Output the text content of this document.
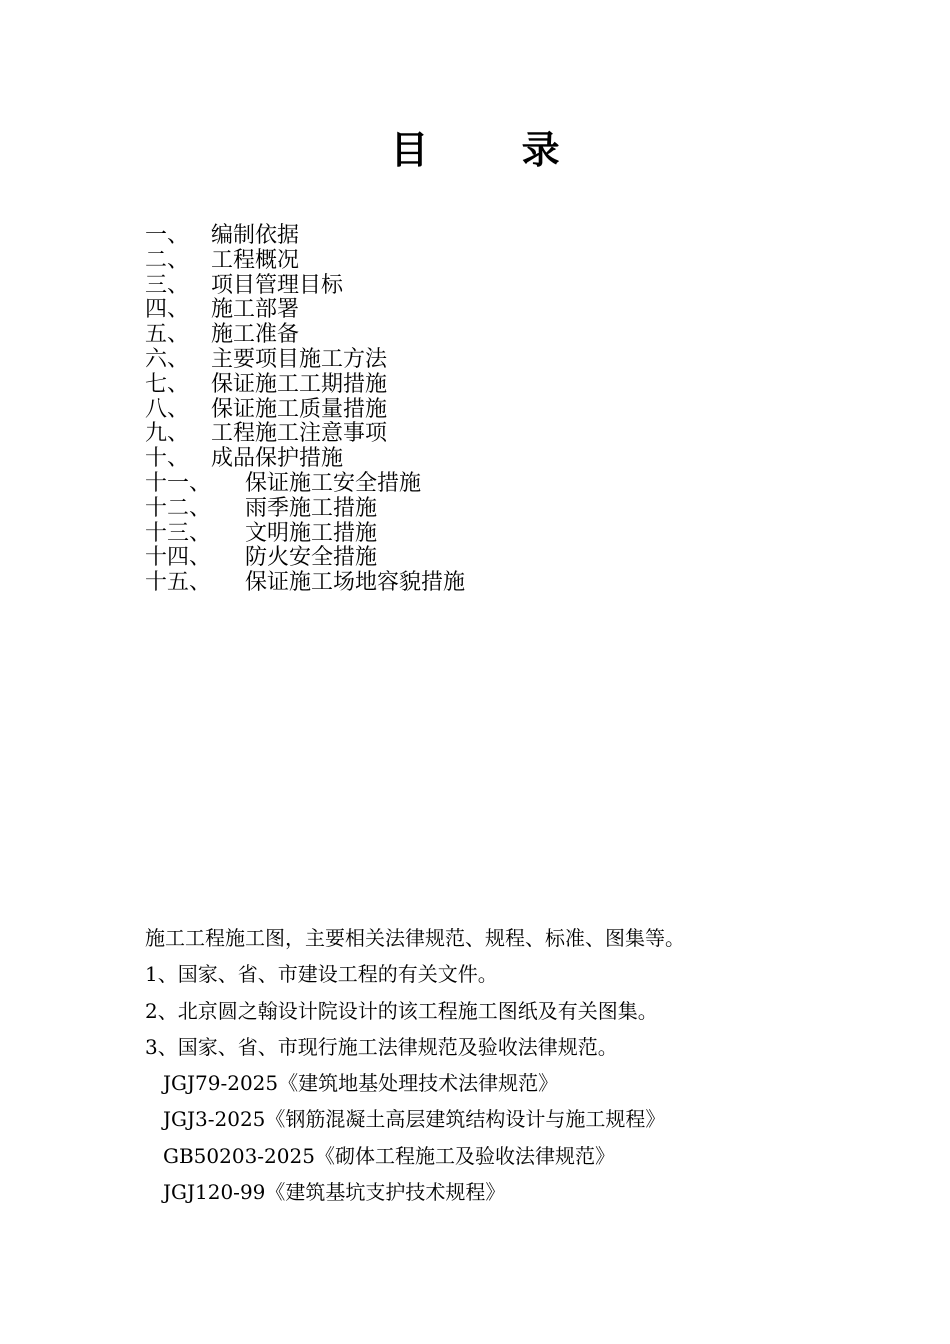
目 录
一、 编制依据
二、 工程概况
三、 项目管理目标
四、 施工部署
五、 施工准备
六、 主要项目施工方法
七、 保证施工工期措施
八、 保证施工质量措施
九、 工程施工注意事项
十、 成品保护措施
十一、	保证施工安全措施
十二、	雨季施工措施
十三、	文明施工措施
十四、	防火安全措施
十五、	保证施工场地容貌措施
施工工程施工图，主要相关法律规范、规程、标准、图集等。
1、国家、省、市建设工程的有关文件。
2、北京圆之翰设计院设计的该工程施工图纸及有关图集。
3、国家、省、市现行施工法律规范及验收法律规范。
JGJ79-2025《建筑地基处理技术法律规范》
JGJ3-2025《钢筋混凝土高层建筑结构设计与施工规程》
GB50203-2025《砌体工程施工及验收法律规范》
JGJ120-99《建筑基坑支护技术规程》
